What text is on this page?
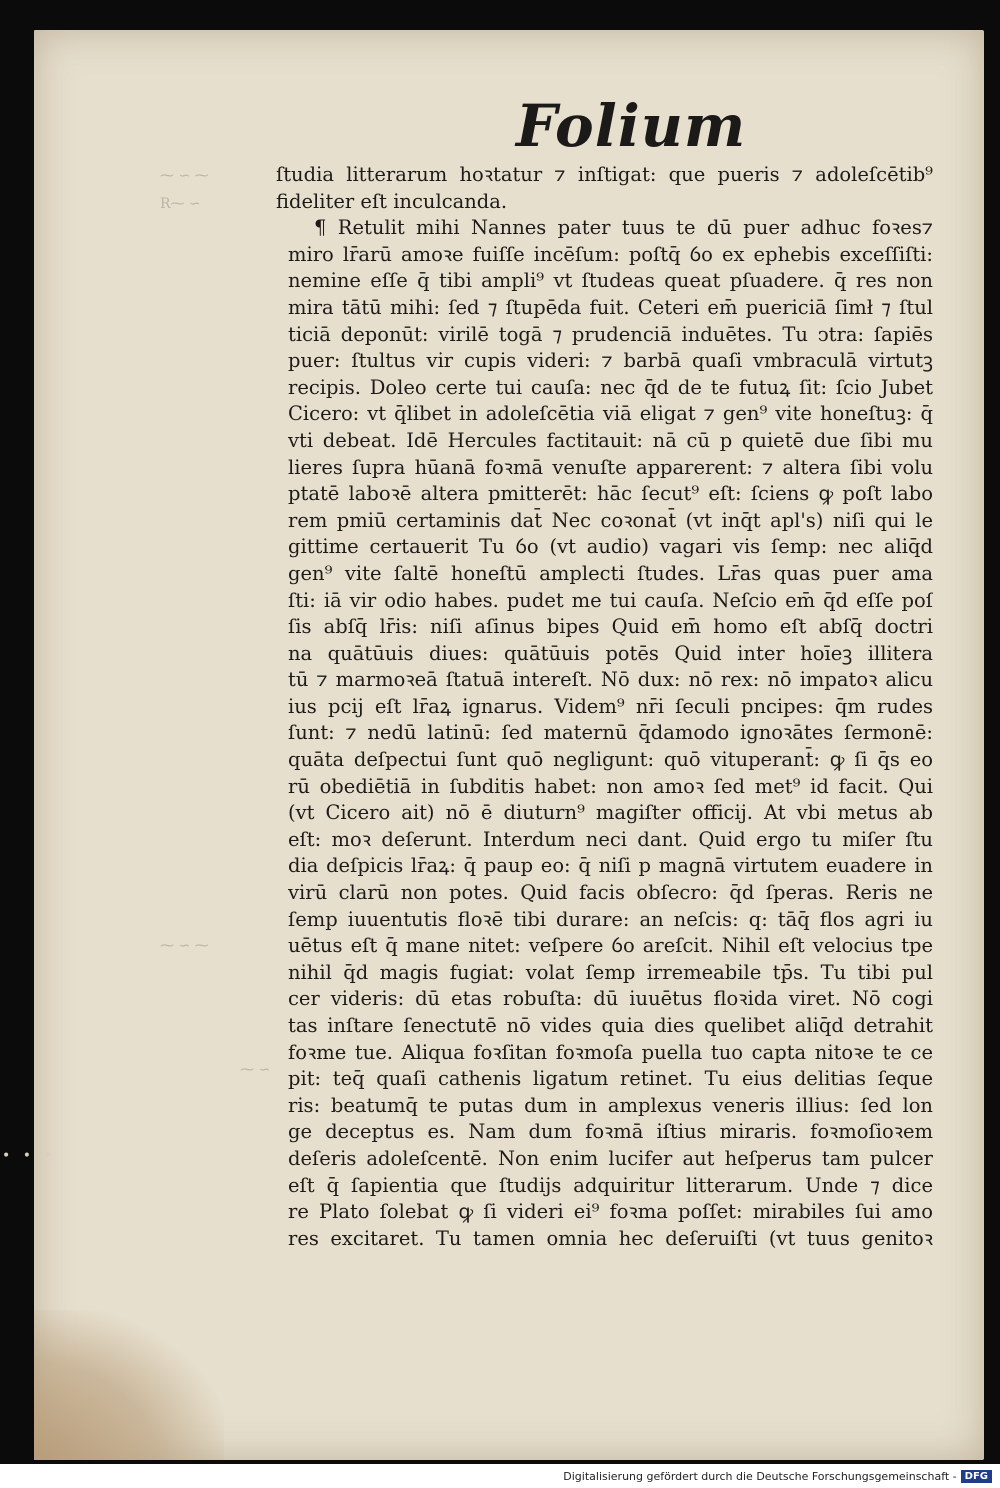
⁓ ∽ ⁓
R⁓ ∽
⁓ ∽ ⁓
⁓ ∽
• • •
Folium
ſtudia litterarum hoꝛtatur ⁊ inſtigat: que pueris ⁊ adoleſcētib⁹
fideliter eſt inculcanda.
¶ Retulit mihi Nannes pater tuus te dū puer adhuc foꝛes⁊
miro lr̄arū amoꝛe fuiſſe incēſum: poſtq̄ ỽo ex ephebis exceſſiſti:
nemine eſſe q̄ tibi ampli⁹ vt ſtudeas queat pſuadere. q̄ res non
mira tātū mihi: ſed ⁊ ſtupēda fuit. Ceteri em̄ puericiā ſimł ⁊ ſtul
ticiā deponūt: virilē togā ⁊ prudenciā induētes. Tu ↄtra: ſapiēs
puer: ſtultus vir cupis videri: ⁊ barbā quaſi vmbraculā virtutꝫ
recipis. Doleo certe tui cauſa: nec q̄d de te futuꝝ ſit: ſcio Jubet
Cicero: vt q̄libet in adoleſcētia viā eligat ⁊ gen⁹ vite honeſtuꝫ: q̄
vti debeat. Idē Hercules factitauit: nā cū p quietē due ſibi mu
lieres ſupra hūanā foꝛmā venuſte apparerent: ⁊ altera ſibi volu
ptatē laboꝛē altera pmitterēt: hāc ſecut⁹ eſt: ſciens ꝙ poſt labo
rem pmiū certaminis dat̄ Nec coꝛonat̄ (vt inq̄t apl's) niſi qui le
gittime certauerit Tu ỽo (vt audio) vagari vis ſemp: nec aliq̄d
gen⁹ vite ſaltē honeſtū amplecti ſtudes. Lr̄as quas puer ama
ſti: iā vir odio habes. pudet me tui cauſa. Neſcio em̄ q̄d eſſe poſ
ſis abſq̄ lr̄is: niſi aſinus bipes Quid em̄ homo eſt abſq̄ doctri
na quātūuis diues: quātūuis potēs Quid inter hoīeꝫ illitera
tū ⁊ marmoꝛeā ſtatuā intereſt. Nō dux: nō rex: nō impatoꝛ alicu
ius pcij eſt lr̄aꝝ ignarus. Videm⁹ nr̄i ſeculi pncipes: q̄m rudes
ſunt: ⁊ nedū latinū: ſed maternū q̄damodo ignoꝛātes ſermonē:
quāta deſpectui ſunt quō negligunt: quō vituperant̄: ꝙ ſi q̄s eo
rū obediētiā in ſubditis habet: non amoꝛ ſed met⁹ id facit. Qui
(vt Cicero ait) nō ē diuturn⁹ magiſter officij. At vbi metus ab
eſt: moꝛ deſerunt. Interdum neci dant. Quid ergo tu miſer ſtu
dia deſpicis lr̄aꝝ: q̄ paup eo: q̄ niſi p magnā virtutem euadere in
virū clarū non potes. Quid facis obſecro: q̄d ſperas. Reris ne
ſemp iuuentutis floꝛē tibi durare: an neſcis: q: tāq̄ flos agri iu
uētus eſt q̄ mane nitet: veſpere ỽo areſcit. Nihil eſt velocius tpe
nihil q̄d magis fugiat: volat ſemp irremeabile tp̄s. Tu tibi pul
cer videris: dū etas robuſta: dū iuuētus floꝛida viret. Nō cogi
tas inſtare ſenectutē nō vides quia dies quelibet aliq̄d detrahit
foꝛme tue. Aliqua foꝛſitan foꝛmoſa puella tuo capta nitoꝛe te ce
pit: teq̄ quaſi cathenis ligatum retinet. Tu eius delitias ſeque
ris: beatumq̄ te putas dum in amplexus veneris illius: ſed lon
ge deceptus es. Nam dum foꝛmā iſtius miraris. foꝛmoſioꝛem
deſeris adoleſcentē. Non enim lucifer aut heſperus tam pulcer
eſt q̄ ſapientia que ſtudijs adquiritur litterarum. Unde ⁊ dice
re Plato ſolebat ꝙ ſi videri ei⁹ foꝛma poſſet: mirabiles ſui amo
res excitaret. Tu tamen omnia hec deſeruiſti (vt tuus genitoꝛ
Digitalisierung gefördert durch die Deutsche Forschungsgemeinschaft - DFG
